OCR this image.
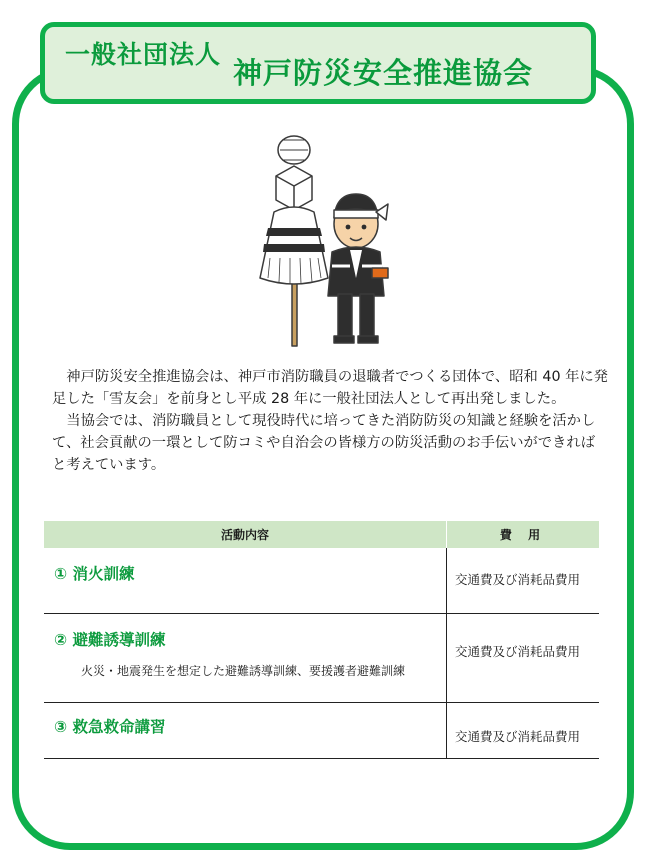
一般社団法人
神戸防災安全推進協会

神戸防災安全推進協会は、神戸市消防職員の退職者でつくる団体で、昭和 40 年に発足した「雪友会」を前身とし平成 28 年に一般社団法人として再出発しました。

当協会では、消防職員として現役時代に培ってきた消防防災の知識と経験を活かして、社会貢献の一環として防コミや自治会の皆様方の防災活動のお手伝いができればと考えています。

活動内容	費 用

① 消火訓練	交通費及び消耗品費用

② 避難誘導訓練
火災・地震発生を想定した避難誘導訓練、要援護者避難訓練	交通費及び消耗品費用

③ 救急救命講習	交通費及び消耗品費用
